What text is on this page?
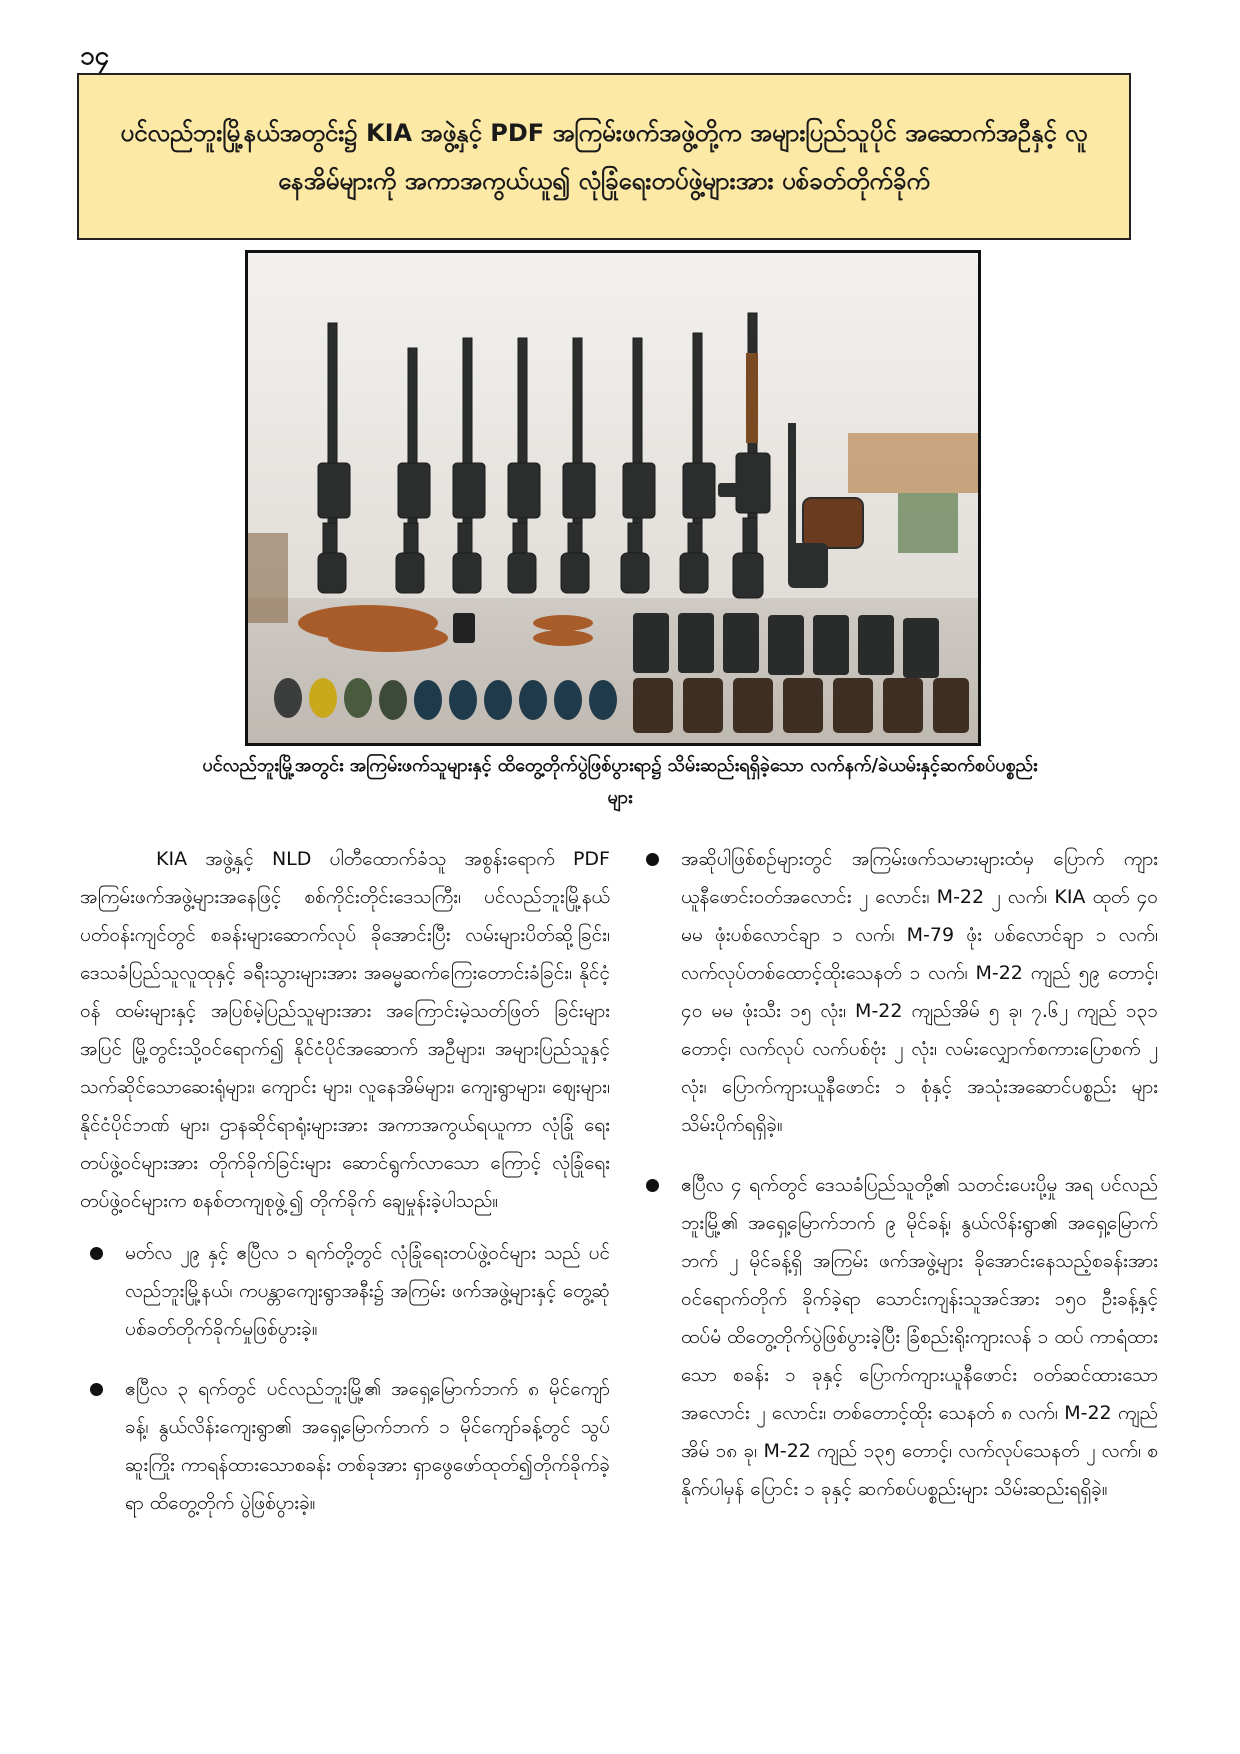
၁၄
ပင်လည်ဘူးမြို့နယ်အတွင်း၌ KIA အဖွဲ့နှင့် PDF အကြမ်းဖက်အဖွဲ့တို့က အများပြည်သူပိုင် အဆောက်အဦနှင့် လူနေအိမ်များကို အကာအကွယ်ယူ၍ လုံခြုံရေးတပ်ဖွဲ့များအား ပစ်ခတ်တိုက်ခိုက်
ပင်လည်ဘူးမြို့အတွင်း အကြမ်းဖက်သူများနှင့် ထိတွေ့တိုက်ပွဲဖြစ်ပွားရာ၌ သိမ်းဆည်းရရှိခဲ့သော လက်နက်/ခဲယမ်းနှင့်ဆက်စပ်ပစ္စည်းများ

KIA အဖွဲ့နှင့် NLD ပါတီထောက်ခံသူ အစွန်းရောက် PDF အကြမ်းဖက်အဖွဲ့များအနေဖြင့် စစ်ကိုင်းတိုင်းဒေသကြီး၊ ပင်လည်ဘူးမြို့နယ်ပတ်ဝန်းကျင်တွင် စခန်းများဆောက်လုပ် ခိုအောင်းပြီး လမ်းများပိတ်ဆို့ခြင်း၊ ဒေသခံပြည်သူလူထုနှင့် ခရီးသွားများအား အဓမ္မဆက်ကြေးတောင်းခံခြင်း၊ နိုင်ငံ့ဝန် ထမ်းများနှင့် အပြစ်မဲ့ပြည်သူများအား အကြောင်းမဲ့သတ်ဖြတ် ခြင်းများအပြင် မြို့တွင်းသို့ဝင်ရောက်၍ နိုင်ငံပိုင်အဆောက် အဦများ၊ အများပြည်သူနှင့် သက်ဆိုင်သောဆေးရုံများ၊ ကျောင်း များ၊ လူနေအိမ်များ၊ ကျေးရွာများ၊ ဈေးများ၊ နိုင်ငံပိုင်ဘဏ် များ၊ ဌာနဆိုင်ရာရုံးများအား အကာအကွယ်ရယူကာ လုံခြုံ ရေးတပ်ဖွဲ့ဝင်များအား တိုက်ခိုက်ခြင်းများ ဆောင်ရွက်လာသော ကြောင့် လုံခြုံရေးတပ်ဖွဲ့ဝင်များက စနစ်တကျစုဖွဲ့၍ တိုက်ခိုက် ချေမှုန်းခဲ့ပါသည်။

မတ်လ ၂၉ နှင့် ဧပြီလ ၁ ရက်တို့တွင် လုံခြုံရေးတပ်ဖွဲ့ဝင်များ သည် ပင်လည်ဘူးမြို့နယ်၊ ကပန္တာကျေးရွာအနီး၌ အကြမ်း ဖက်အဖွဲ့များနှင့် တွေ့ဆုံပစ်ခတ်တိုက်ခိုက်မှုဖြစ်ပွားခဲ့။
ဧပြီလ ၃ ရက်တွင် ပင်လည်ဘူးမြို့၏ အရှေ့မြောက်ဘက် ၈ မိုင်ကျော်ခန့်၊ နွယ်လိန်းကျေးရွာ၏ အရှေ့မြောက်ဘက် ၁ မိုင်ကျော်ခန့်တွင် သွပ်ဆူးကြိုး ကာရန်ထားသောစခန်း တစ်ခုအား ရှာဖွေဖော်ထုတ်၍တိုက်ခိုက်ခဲ့ရာ ထိတွေ့တိုက် ပွဲဖြစ်ပွားခဲ့။
အဆိုပါဖြစ်စဉ်များတွင် အကြမ်းဖက်သမားများထံမှ ပြောက် ကျားယူနီဖောင်းဝတ်အလောင်း ၂ လောင်း၊ M-22 ၂ လက်၊ KIA ထုတ် ၄၀ မမ ဖုံးပစ်လောင်ချာ ၁ လက်၊ M-79 ဖုံး ပစ်လောင်ချာ ၁ လက်၊ လက်လုပ်တစ်ထောင့်ထိုးသေနတ် ၁ လက်၊ M-22 ကျည် ၅၉ တောင့်၊ ၄၀ မမ ဖုံးသီး ၁၅ လုံး၊ M-22 ကျည်အိမ် ၅ ခု၊ ၇.၆၂ ကျည် ၁၃၁ တောင့်၊ လက်လုပ် လက်ပစ်ဗုံး ၂ လုံး၊ လမ်းလျှောက်စကားပြောစက် ၂ လုံး၊ ပြောက်ကျားယူနီဖောင်း ၁ စုံနှင့် အသုံးအဆောင်ပစ္စည်း များ သိမ်းပိုက်ရရှိခဲ့။
ဧပြီလ ၄ ရက်တွင် ဒေသခံပြည်သူတို့၏ သတင်းပေးပို့မှု အရ ပင်လည်ဘူးမြို့၏ အရှေ့မြောက်ဘက် ၉ မိုင်ခန့်၊ နွယ်လိန်းရွာ၏ အရှေ့မြောက်ဘက် ၂ မိုင်ခန့်ရှိ အကြမ်း ဖက်အဖွဲ့များ ခိုအောင်းနေသည့်စခန်းအား ဝင်ရောက်တိုက် ခိုက်ခဲ့ရာ သောင်းကျန်းသူအင်အား ၁၅၀ ဦးခန့်နှင့် ထပ်မံ ထိတွေ့တိုက်ပွဲဖြစ်ပွားခဲ့ပြီး ခြံစည်းရိုးကျားလန် ၁ ထပ် ကာရံထားသော စခန်း ၁ ခုနှင့် ပြောက်ကျားယူနီဖောင်း ဝတ်ဆင်ထားသော အလောင်း ၂ လောင်း၊ တစ်တောင့်ထိုး သေနတ် ၈ လက်၊ M-22 ကျည်အိမ် ၁၈ ခု၊ M-22 ကျည် ၁၃၅ တောင့်၊ လက်လုပ်သေနတ် ၂ လက်၊ စနိုက်ပါမှန် ပြောင်း ၁ ခုနှင့် ဆက်စပ်ပစ္စည်းများ သိမ်းဆည်းရရှိခဲ့။
